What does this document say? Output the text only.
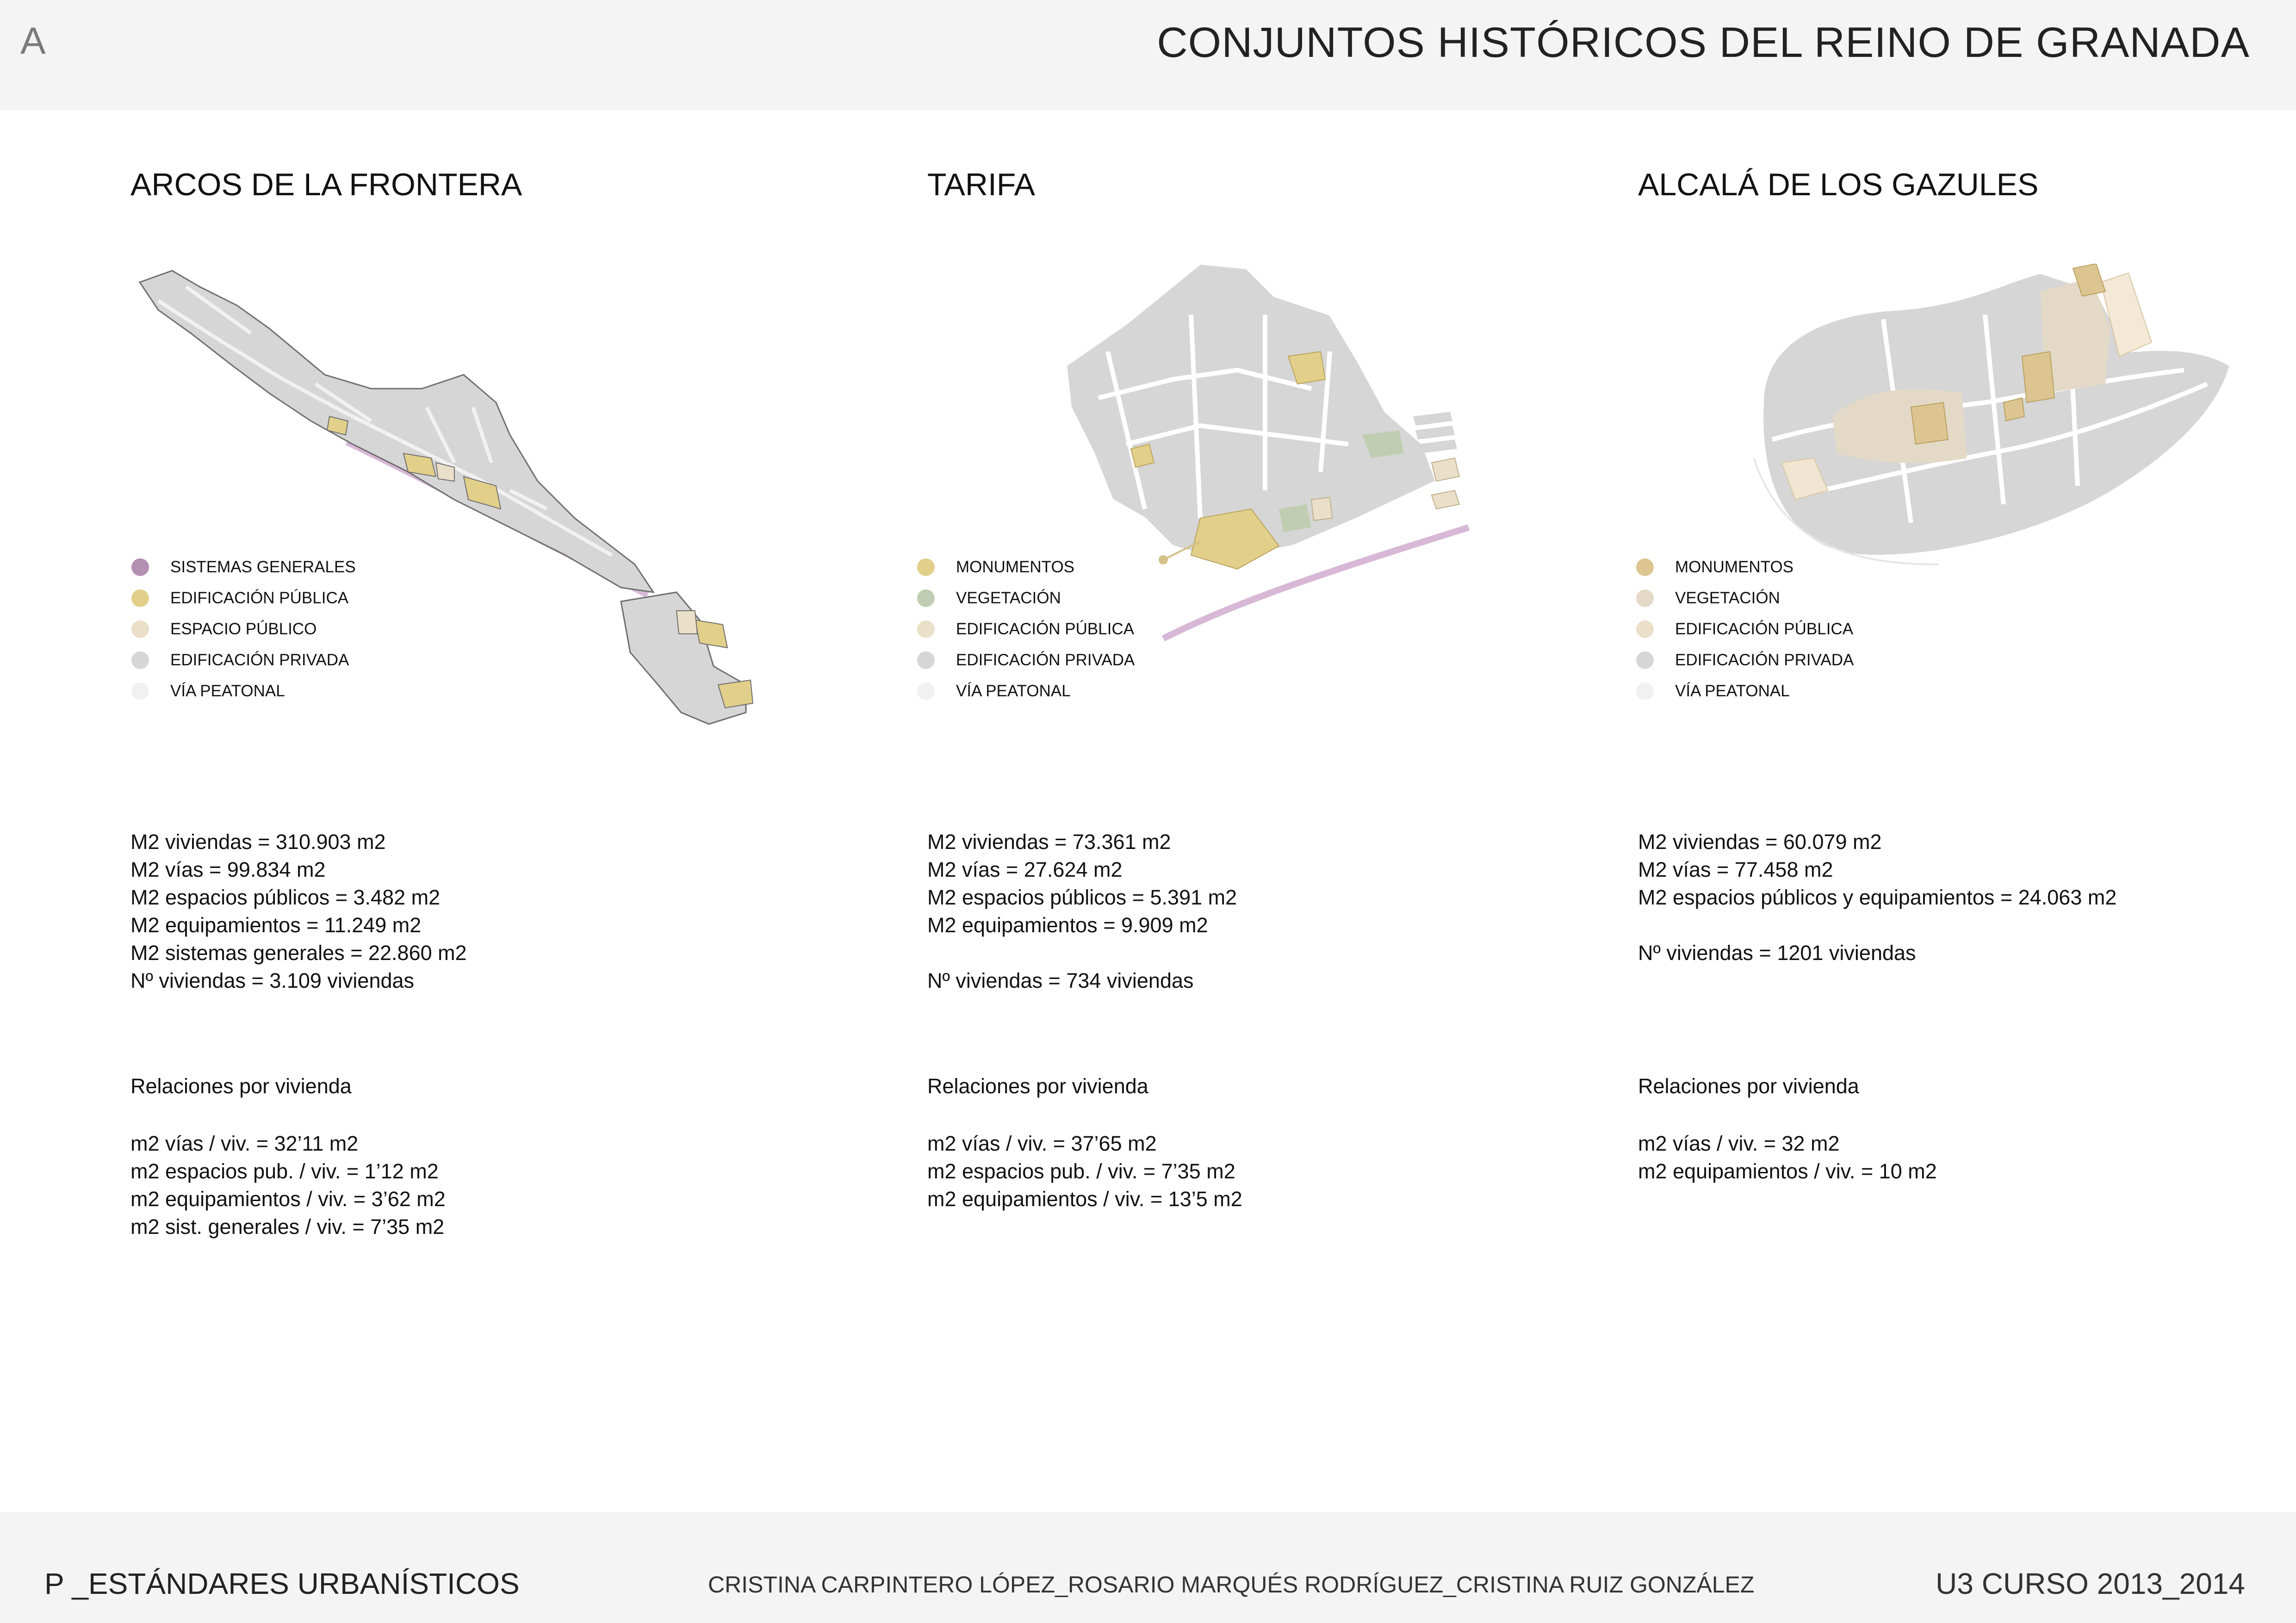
A	CONJUNTOS HISTÓRICOS DEL REINO DE GRANADA
ARCOS DE LA FRONTERA
SISTEMAS GENERALES
EDIFICACIÓN PÚBLICA
ESPACIO PÚBLICO
EDIFICACIÓN PRIVADA
VÍA PEATONAL
M2 viviendas = 310.903 m2
M2 vías = 99.834 m2
M2 espacios públicos = 3.482 m2
M2 equipamientos = 11.249 m2
M2 sistemas generales = 22.860 m2
Nº viviendas = 3.109 viviendas
Relaciones por vivienda
m2 vías / viv. = 32’11 m2
m2 espacios pub. / viv. = 1’12 m2
m2 equipamientos / viv. = 3’62 m2
m2 sist. generales / viv. = 7’35 m2
TARIFA
MONUMENTOS
VEGETACIÓN
EDIFICACIÓN PÚBLICA
EDIFICACIÓN PRIVADA
VÍA PEATONAL
M2 viviendas = 73.361 m2
M2 vías = 27.624 m2
M2 espacios públicos = 5.391 m2
M2 equipamientos = 9.909 m2
Nº viviendas = 734 viviendas
Relaciones por vivienda
m2 vías / viv. = 37’65 m2
m2 espacios pub. / viv. = 7’35 m2
m2 equipamientos / viv. = 13’5 m2
ALCALÁ DE LOS GAZULES
MONUMENTOS
VEGETACIÓN
EDIFICACIÓN PÚBLICA
EDIFICACIÓN PRIVADA
VÍA PEATONAL
M2 viviendas = 60.079 m2
M2 vías = 77.458 m2
M2 espacios públicos y equipamientos = 24.063 m2
Nº viviendas = 1201 viviendas
Relaciones por vivienda
m2 vías / viv. = 32 m2
m2 equipamientos / viv. = 10 m2
P _ESTÁNDARES URBANÍSTICOS	CRISTINA CARPINTERO LÓPEZ_ROSARIO MARQUÉS RODRÍGUEZ_CRISTINA RUIZ GONZÁLEZ	U3 CURSO 2013_2014
